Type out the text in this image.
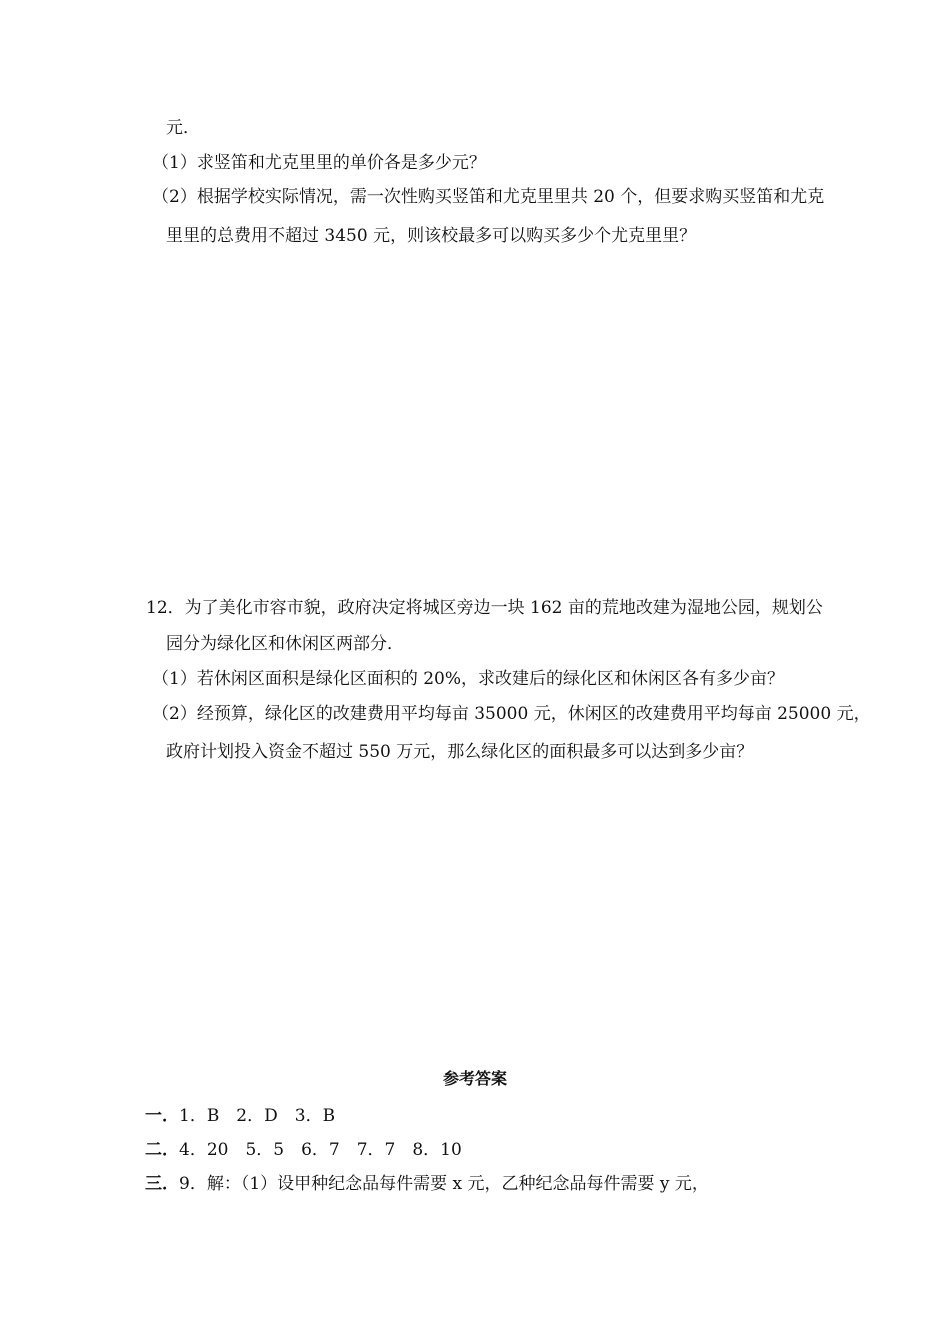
元．
（1）求竖笛和尤克里里的单价各是多少元？
（2）根据学校实际情况，需一次性购买竖笛和尤克里里共 20 个，但要求购买竖笛和尤克
里里的总费用不超过 3450 元，则该校最多可以购买多少个尤克里里？
12．为了美化市容市貌，政府决定将城区旁边一块 162 亩的荒地改建为湿地公园，规划公
园分为绿化区和休闲区两部分．
（1）若休闲区面积是绿化区面积的 20%，求改建后的绿化区和休闲区各有多少亩？
（2）经预算，绿化区的改建费用平均每亩 35000 元，休闲区的改建费用平均每亩 25000 元，
政府计划投入资金不超过 550 万元，那么绿化区的面积最多可以达到多少亩？
参考答案
一．1．B　2．D　3．B
二．4．20　5．5　6．7　7．7　8．10
三．9．解：（1）设甲种纪念品每件需要 x 元，乙种纪念品每件需要 y 元，
